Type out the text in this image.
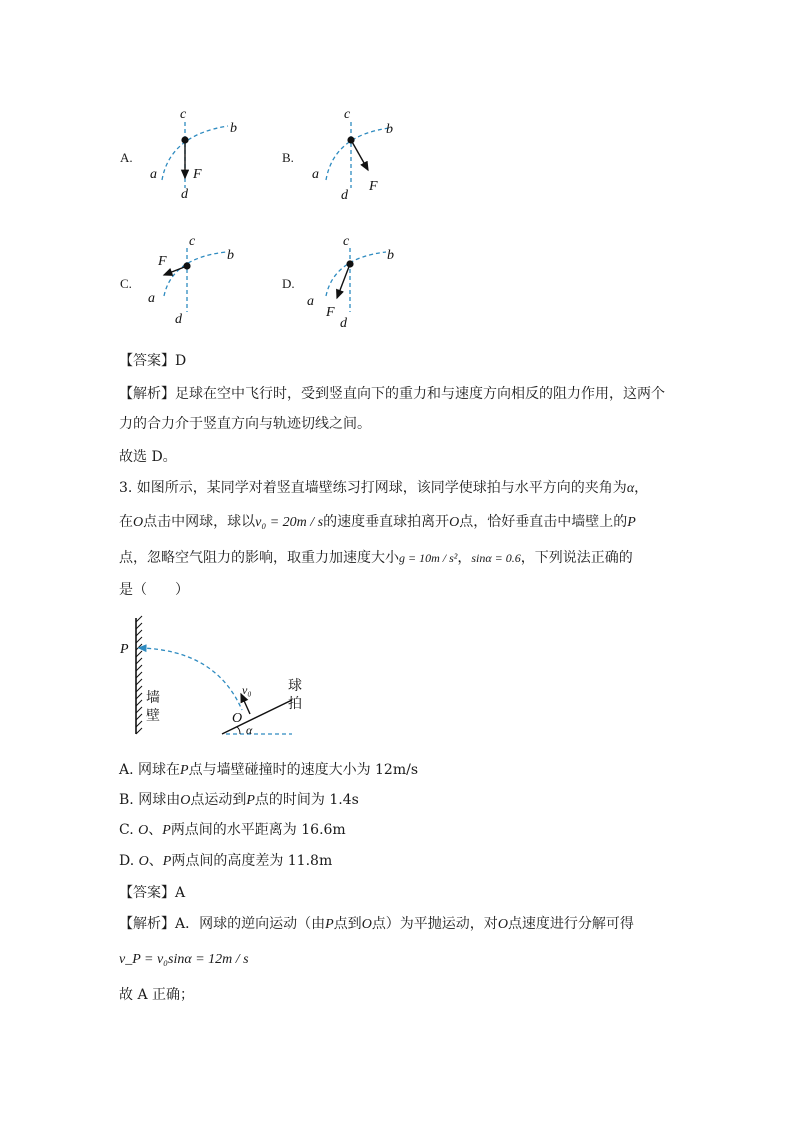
A.	B.
C.	D.
c
b
a	F
d
c
b
a
F
d
c
b
a
F
d
c
b
a
F
d
【答案】D
【解析】足球在空中飞行时，受到竖直向下的重力和与速度方向相反的阻力作用，这两个
力的合力介于竖直方向与轨迹切线之间。
故选 D。
3. 如图所示，某同学对着竖直墙壁练习打网球，该同学使球拍与水平方向的夹角为α，
在O点击中网球，球以v₀ = 20m / s的速度垂直球拍离开O点，恰好垂直击中墙壁上的P
点，忽略空气阻力的影响，取重力加速度大小g = 10m / s²，sinα = 0.6，下列说法正确的
是（　　）
P
v₀
O
α
墙
壁
球
拍
A. 网球在P点与墙壁碰撞时的速度大小为 12m/s
B. 网球由O点运动到P点的时间为 1.4s
C. O、P两点间的水平距离为 16.6m
D. O、P两点间的高度差为 11.8m
【答案】A
【解析】A．网球的逆向运动（由P点到O点）为平抛运动，对O点速度进行分解可得
v_P = v₀sinα = 12m / s
故 A 正确；
